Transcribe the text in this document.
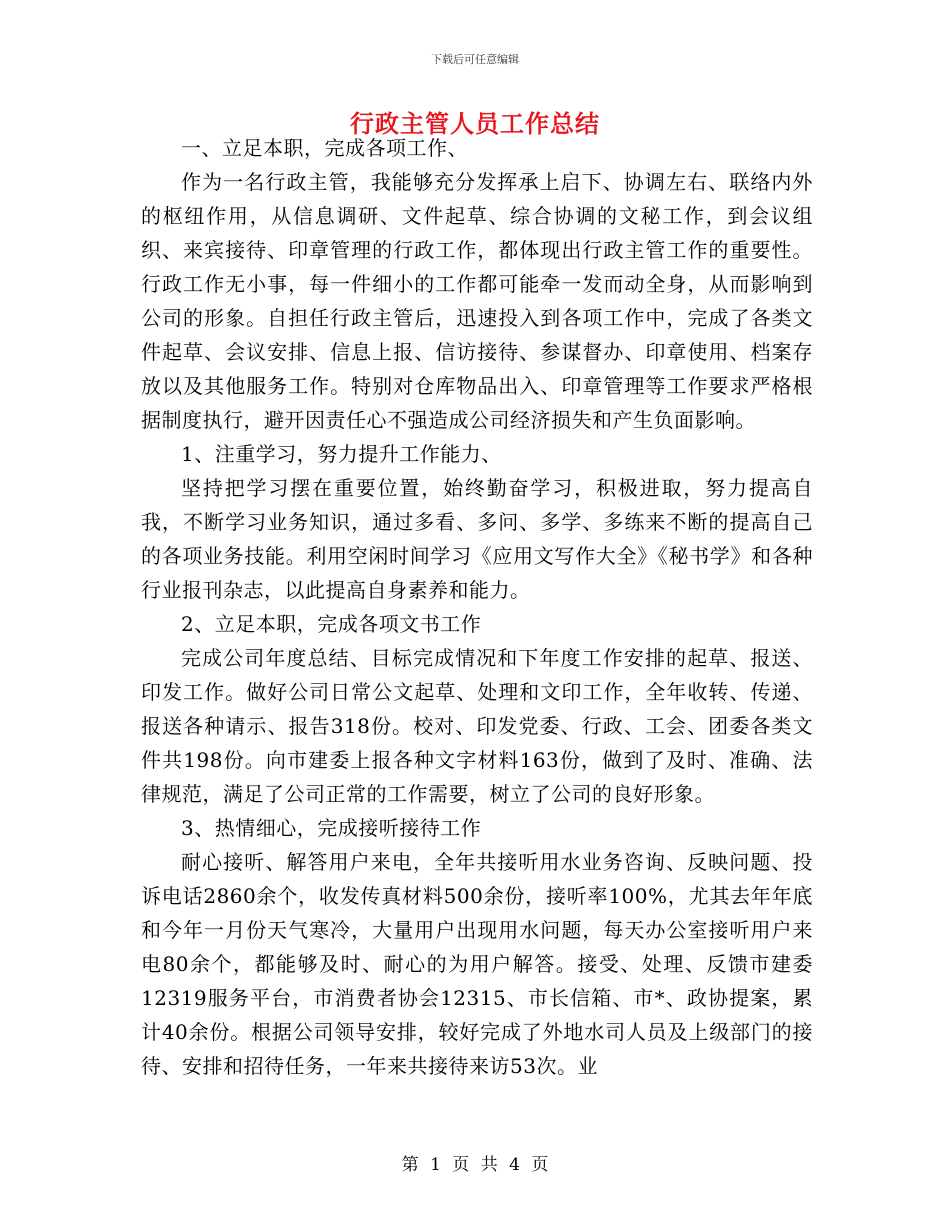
下载后可任意编辑
行政主管人员工作总结

一、立足本职，完成各项工作、

作为一名行政主管，我能够充分发挥承上启下、协调左右、联络内外的枢纽作用，从信息调研、文件起草、综合协调的文秘工作，到会议组织、来宾接待、印章管理的行政工作，都体现出行政主管工作的重要性。行政工作无小事，每一件细小的工作都可能牵一发而动全身，从而影响到公司的形象。自担任行政主管后，迅速投入到各项工作中，完成了各类文件起草、会议安排、信息上报、信访接待、参谋督办、印章使用、档案存放以及其他服务工作。特别对仓库物品出入、印章管理等工作要求严格根据制度执行，避开因责任心不强造成公司经济损失和产生负面影响。

1、注重学习，努力提升工作能力、

坚持把学习摆在重要位置，始终勤奋学习，积极进取，努力提高自我，不断学习业务知识，通过多看、多问、多学、多练来不断的提高自己的各项业务技能。利用空闲时间学习《应用文写作大全》《秘书学》和各种行业报刊杂志，以此提高自身素养和能力。

2、立足本职，完成各项文书工作

完成公司年度总结、目标完成情况和下年度工作安排的起草、报送、印发工作。做好公司日常公文起草、处理和文印工作，全年收转、传递、报送各种请示、报告318份。校对、印发党委、行政、工会、团委各类文件共198份。向市建委上报各种文字材料163份，做到了及时、准确、法律规范，满足了公司正常的工作需要，树立了公司的良好形象。

3、热情细心，完成接听接待工作

耐心接听、解答用户来电，全年共接听用水业务咨询、反映问题、投诉电话2860余个，收发传真材料500余份，接听率100%，尤其去年年底和今年一月份天气寒冷，大量用户出现用水问题，每天办公室接听用户来电80余个，都能够及时、耐心的为用户解答。接受、处理、反馈市建委12319服务平台，市消费者协会12315、市长信箱、市*、政协提案，累计40余份。根据公司领导安排，较好完成了外地水司人员及上级部门的接待、安排和招待任务，一年来共接待来访53次。业

第 1 页 共 4 页
